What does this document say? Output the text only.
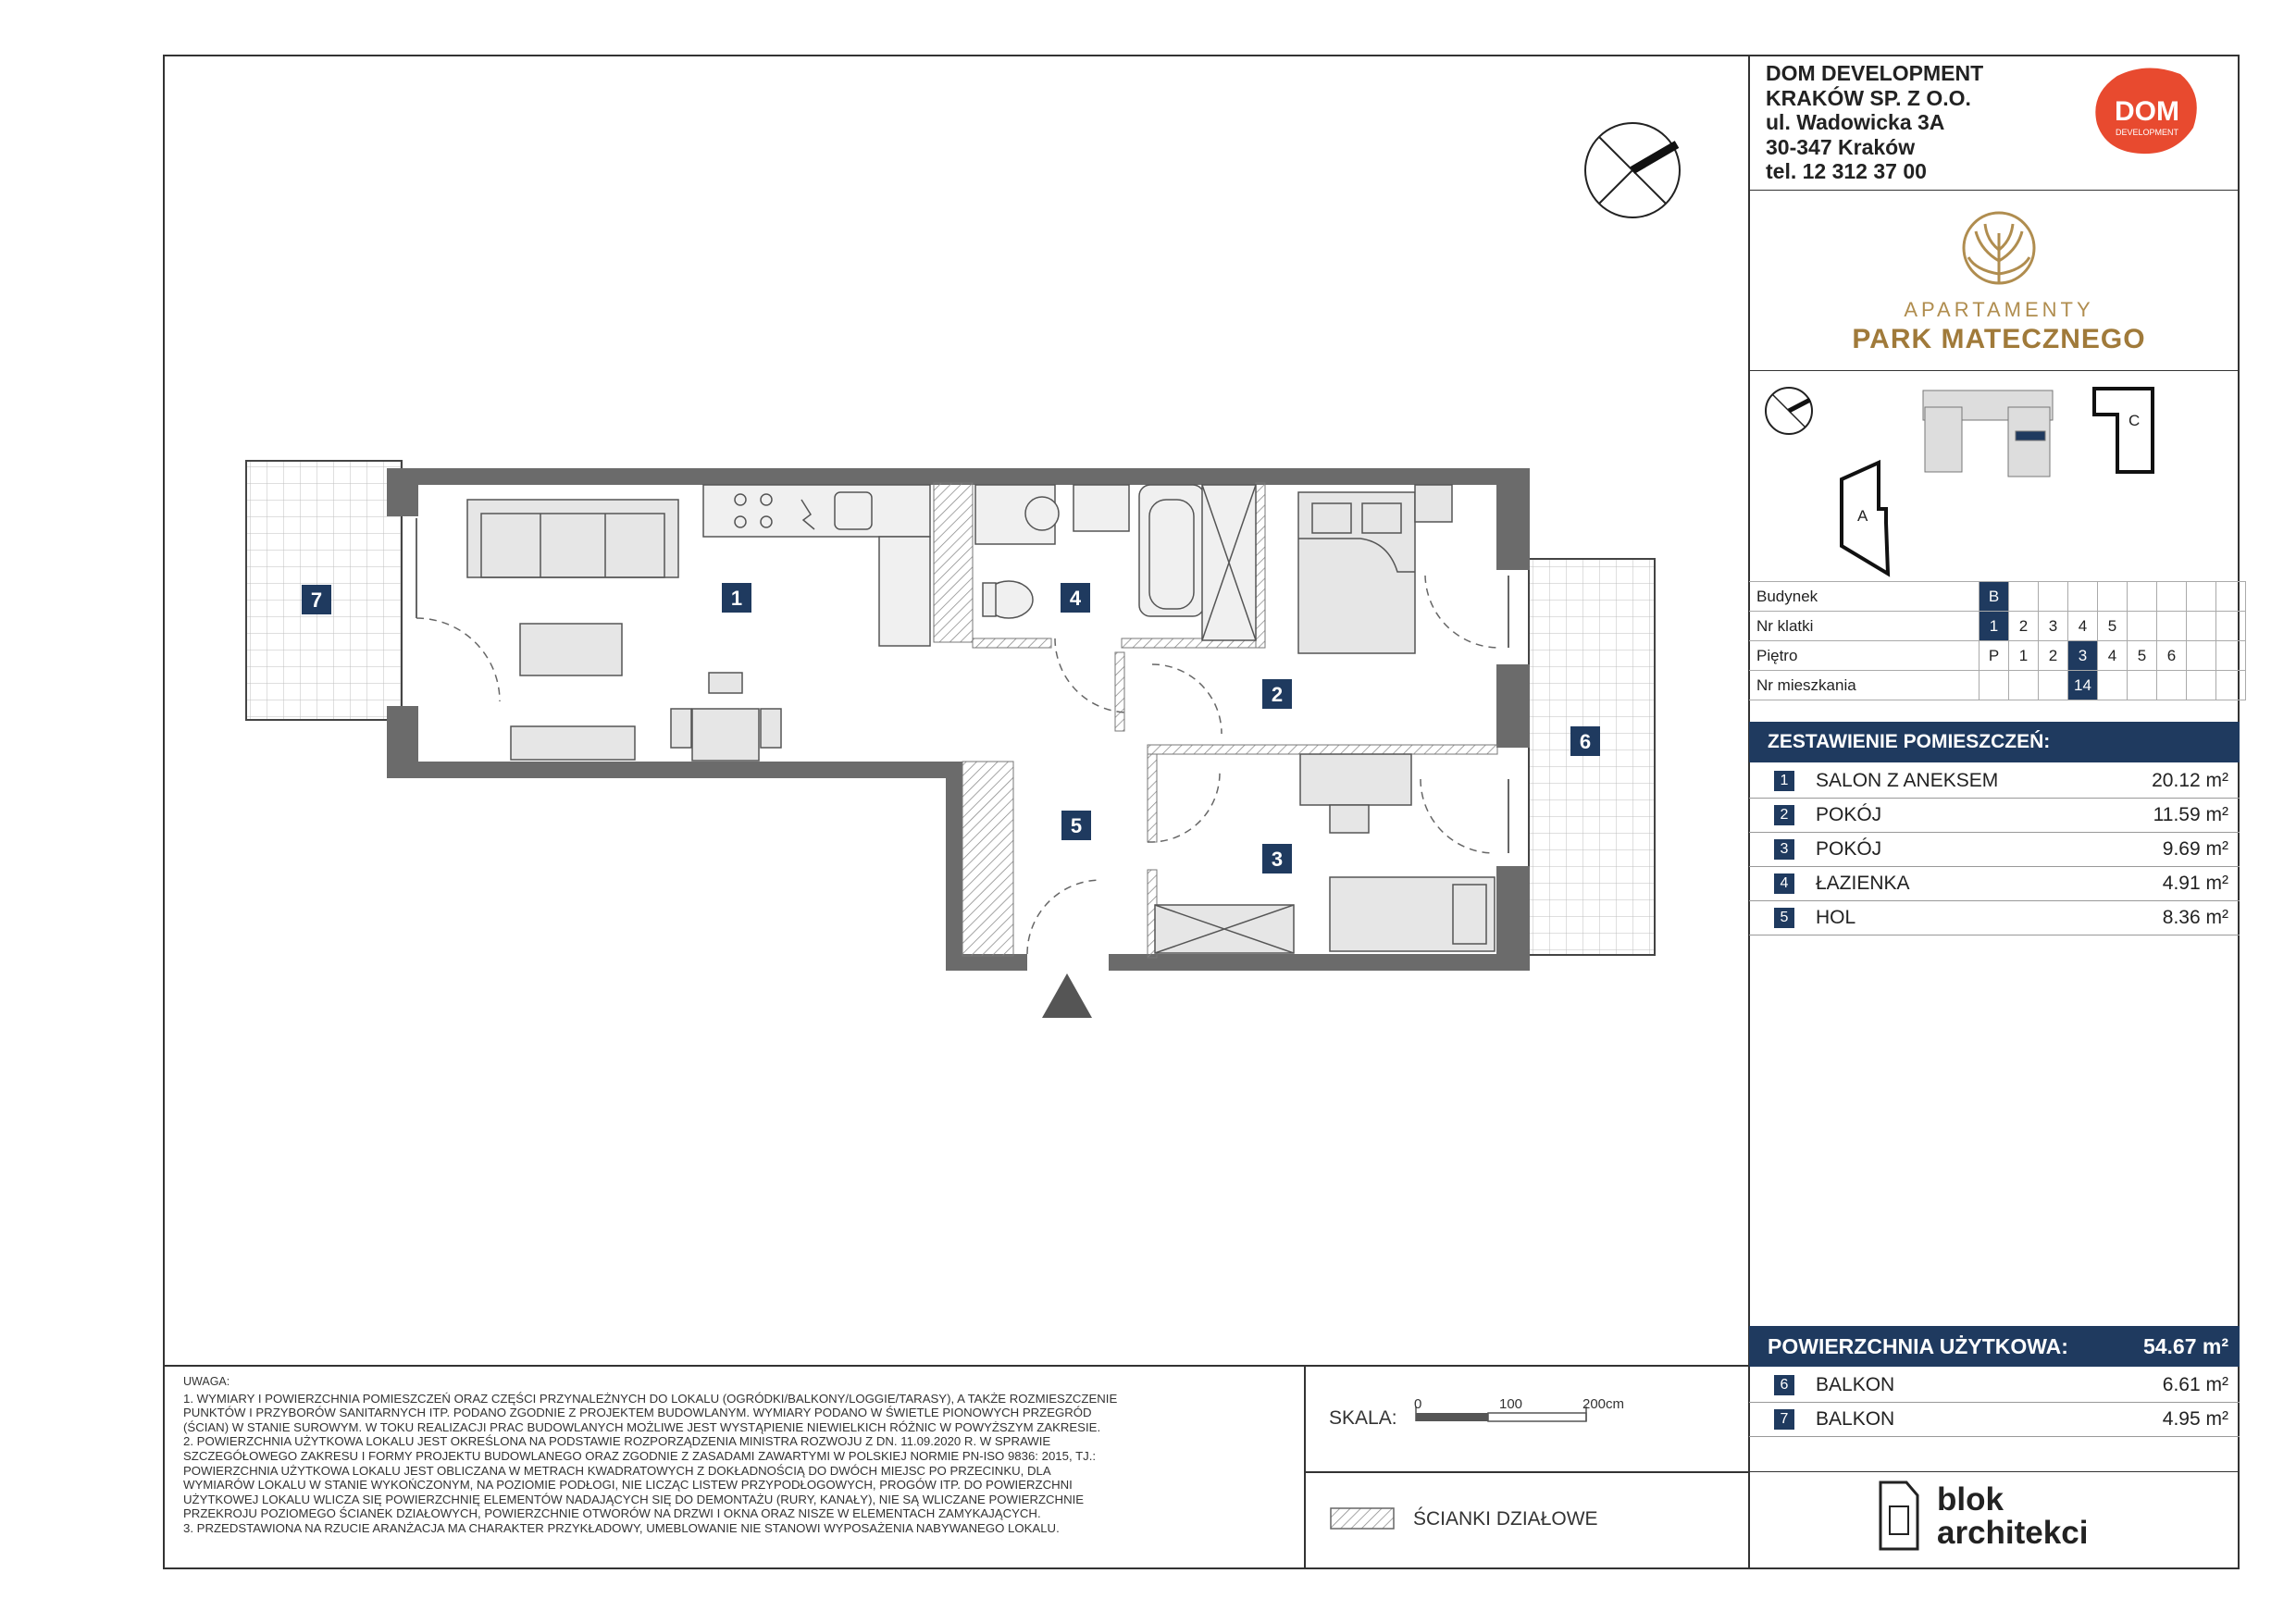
1
2
3
4
5
6
7
A
C
DOM DEVELOPMENT
KRAKÓW SP. Z O.O.
ul. Wadowicka 3A
30-347 Kraków
tel. 12 312 37 00
DOM
DEVELOPMENT
APARTAMENTY
PARK MATECZNEGO
Budynek	B								
Nr klatki	1	2	3	4	5				
Piętro	P	1	2	3	4	5	6		
Nr mieszkania				14					
ZESTAWIENIE POMIESZCZEŃ:
1	SALON Z ANEKSEM	20.12 m²
2	POKÓJ	11.59 m²
3	POKÓJ	9.69 m²
4	ŁAZIENKA	4.91 m²
5	HOL	8.36 m²
POWIERZCHNIA UŻYTKOWA:	54.67 m²
6	BALKON	6.61 m²
7	BALKON	4.95 m²
UWAGA:

1. WYMIARY I POWIERZCHNIA POMIESZCZEŃ ORAZ CZĘŚCI PRZYNALEŻNYCH DO LOKALU (OGRÓDKI/BALKONY/LOGGIE/TARASY), A TAKŻE ROZMIESZCZENIE

PUNKTÓW I PRZYBORÓW SANITARNYCH ITP. PODANO ZGODNIE Z PROJEKTEM BUDOWLANYM. WYMIARY PODANO W ŚWIETLE PIONOWYCH PRZEGRÓD

(ŚCIAN) W STANIE SUROWYM. W TOKU REALIZACJI PRAC BUDOWLANYCH MOŻLIWE JEST WYSTĄPIENIE NIEWIELKICH RÓŻNIC W POWYŻSZYM ZAKRESIE.

2. POWIERZCHNIA UŻYTKOWA LOKALU JEST OKREŚLONA NA PODSTAWIE ROZPORZĄDZENIA MINISTRA ROZWOJU Z DN. 11.09.2020 R. W SPRAWIE

SZCZEGÓŁOWEGO ZAKRESU I FORMY PROJEKTU BUDOWLANEGO ORAZ ZGODNIE Z ZASADAMI ZAWARTYMI W POLSKIEJ NORMIE PN-ISO 9836: 2015, TJ.:

POWIERZCHNIA UŻYTKOWA LOKALU JEST OBLICZANA W METRACH KWADRATOWYCH Z DOKŁADNOŚCIĄ DO DWÓCH MIEJSC PO PRZECINKU, DLA

WYMIARÓW LOKALU W STANIE WYKOŃCZONYM, NA POZIOMIE PODŁOGI, NIE LICZĄC LISTEW PRZYPODŁOGOWYCH, PROGÓW ITP. DO POWIERZCHNI

UŻYTKOWEJ LOKALU WLICZA SIĘ POWIERZCHNIĘ ELEMENTÓW NADAJĄCYCH SIĘ DO DEMONTAŻU (RURY, KANAŁY), NIE SĄ WLICZANE POWIERZCHNIE

PRZEKROJU POZIOMEGO ŚCIANEK DZIAŁOWYCH, POWIERZCHNIE OTWORÓW NA DRZWI I OKNA ORAZ NISZE W ELEMENTACH ZAMYKAJĄCYCH.

3. PRZEDSTAWIONA NA RZUCIE ARANŻACJA MA CHARAKTER PRZYKŁADOWY, UMEBLOWANIE NIE STANOWI WYPOSAŻENIA NABYWANEGO LOKALU.

SKALA:
0	100	200cm
ŚCIANKI DZIAŁOWE
blok
architekci
